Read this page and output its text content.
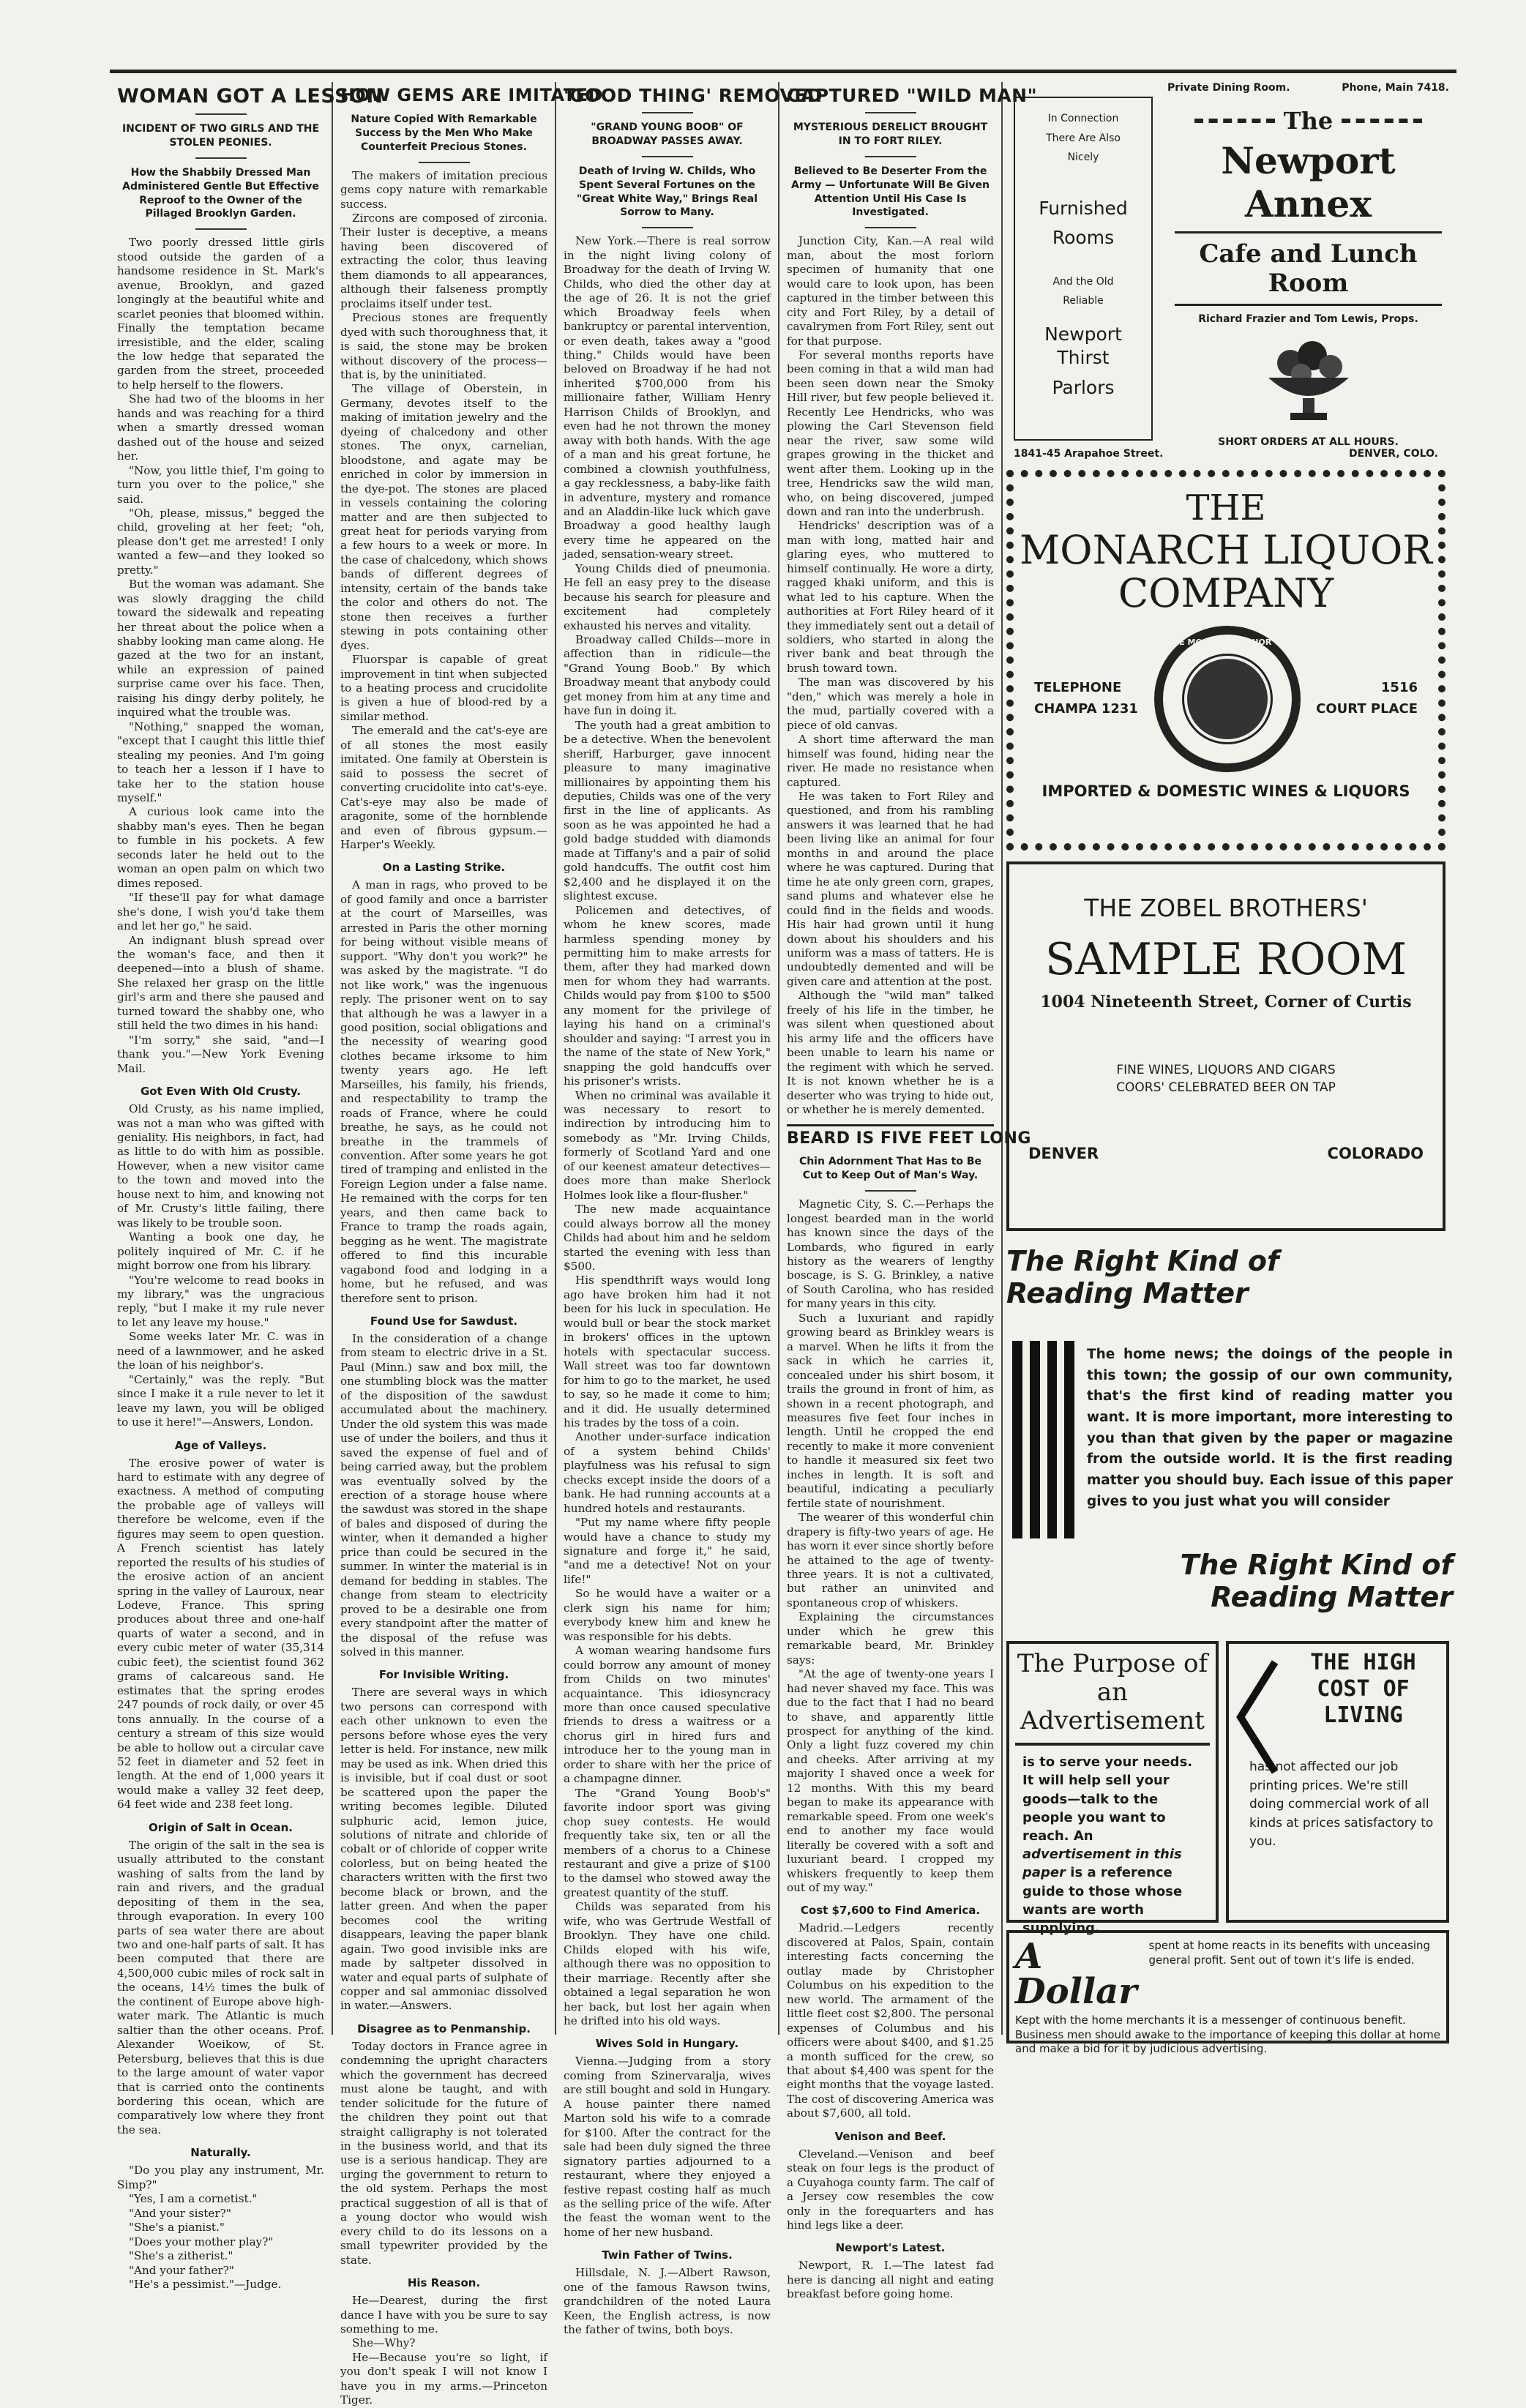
WOMAN GOT A LESSON
INCIDENT OF TWO GIRLS AND THE STOLEN PEONIES.
How the Shabbily Dressed Man Administered Gentle But Effective Reproof to the Owner of the Pillaged Brooklyn Garden.

Two poorly dressed little girls stood outside the garden of a handsome residence in St. Mark's avenue, Brooklyn, and gazed longingly at the beautiful white and scarlet peonies that bloomed within. Finally the temptation became irresistible, and the elder, scaling the low hedge that separated the garden from the street, proceeded to help herself to the flowers.

She had two of the blooms in her hands and was reaching for a third when a smartly dressed woman dashed out of the house and seized her.

"Now, you little thief, I'm going to turn you over to the police," she said.

"Oh, please, missus," begged the child, groveling at her feet; "oh, please don't get me arrested! I only wanted a few—and they looked so pretty."

But the woman was adamant. She was slowly dragging the child toward the sidewalk and repeating her threat about the police when a shabby looking man came along. He gazed at the two for an instant, while an expression of pained surprise came over his face. Then, raising his dingy derby politely, he inquired what the trouble was.

"Nothing," snapped the woman, "except that I caught this little thief stealing my peonies. And I'm going to teach her a lesson if I have to take her to the station house myself."

A curious look came into the shabby man's eyes. Then he began to fumble in his pockets. A few seconds later he held out to the woman an open palm on which two dimes reposed.

"If these'll pay for what damage she's done, I wish you'd take them and let her go," he said.

An indignant blush spread over the woman's face, and then it deepened—into a blush of shame. She relaxed her grasp on the little girl's arm and there she paused and turned toward the shabby one, who still held the two dimes in his hand:

"I'm sorry," she said, "and—I thank you."—New York Evening Mail.

Got Even With Old Crusty.

Old Crusty, as his name implied, was not a man who was gifted with geniality. His neighbors, in fact, had as little to do with him as possible. However, when a new visitor came to the town and moved into the house next to him, and knowing not of Mr. Crusty's little failing, there was likely to be trouble soon.

Wanting a book one day, he politely inquired of Mr. C. if he might borrow one from his library.

"You're welcome to read books in my library," was the ungracious reply, "but I make it my rule never to let any leave my house."

Some weeks later Mr. C. was in need of a lawnmower, and he asked the loan of his neighbor's.

"Certainly," was the reply. "But since I make it a rule never to let it leave my lawn, you will be obliged to use it here!"—Answers, London.

Age of Valleys.

The erosive power of water is hard to estimate with any degree of exactness. A method of computing the probable age of valleys will therefore be welcome, even if the figures may seem to open question. A French scientist has lately reported the results of his studies of the erosive action of an ancient spring in the valley of Lauroux, near Lodeve, France. This spring produces about three and one-half quarts of water a second, and in every cubic meter of water (35,314 cubic feet), the scientist found 362 grams of calcareous sand. He estimates that the spring erodes 247 pounds of rock daily, or over 45 tons annually. In the course of a century a stream of this size would be able to hollow out a circular cave 52 feet in diameter and 52 feet in length. At the end of 1,000 years it would make a valley 32 feet deep, 64 feet wide and 238 feet long.

Origin of Salt in Ocean.

The origin of the salt in the sea is usually attributed to the constant washing of salts from the land by rain and rivers, and the gradual depositing of them in the sea, through evaporation. In every 100 parts of sea water there are about two and one-half parts of salt. It has been computed that there are 4,500,000 cubic miles of rock salt in the oceans, 14½ times the bulk of the continent of Europe above high-water mark. The Atlantic is much saltier than the other oceans. Prof. Alexander Woeikow, of St. Petersburg, believes that this is due to the large amount of water vapor that is carried onto the continents bordering this ocean, which are comparatively low where they front the sea.

Naturally.

"Do you play any instrument, Mr. Simp?"

"Yes, I am a cornetist."

"And your sister?"

"She's a pianist."

"Does your mother play?"

"She's a zitherist."

"And your father?"

"He's a pessimist."—Judge.

HOW GEMS ARE IMITATED
Nature Copied With Remarkable Success by the Men Who Make Counterfeit Precious Stones.

The makers of imitation precious gems copy nature with remarkable success.

Zircons are composed of zirconia. Their luster is deceptive, a means having been discovered of extracting the color, thus leaving them diamonds to all appearances, although their falseness promptly proclaims itself under test.

Precious stones are frequently dyed with such thoroughness that, it is said, the stone may be broken without discovery of the process—that is, by the uninitiated.

The village of Oberstein, in Germany, devotes itself to the making of imitation jewelry and the dyeing of chalcedony and other stones. The onyx, carnelian, bloodstone, and agate may be enriched in color by immersion in the dye-pot. The stones are placed in vessels containing the coloring matter and are then subjected to great heat for periods varying from a few hours to a week or more. In the case of chalcedony, which shows bands of different degrees of intensity, certain of the bands take the color and others do not. The stone then receives a further stewing in pots containing other dyes.

Fluorspar is capable of great improvement in tint when subjected to a heating process and crucidolite is given a hue of blood-red by a similar method.

The emerald and the cat's-eye are of all stones the most easily imitated. One family at Oberstein is said to possess the secret of converting crucidolite into cat's-eye. Cat's-eye may also be made of aragonite, some of the hornblende and even of fibrous gypsum.—Harper's Weekly.

On a Lasting Strike.

A man in rags, who proved to be of good family and once a barrister at the court of Marseilles, was arrested in Paris the other morning for being without visible means of support. "Why don't you work?" he was asked by the magistrate. "I do not like work," was the ingenuous reply. The prisoner went on to say that although he was a lawyer in a good position, social obligations and the necessity of wearing good clothes became irksome to him twenty years ago. He left Marseilles, his family, his friends, and respectability to tramp the roads of France, where he could breathe, he says, as he could not breathe in the trammels of convention. After some years he got tired of tramping and enlisted in the Foreign Legion under a false name. He remained with the corps for ten years, and then came back to France to tramp the roads again, begging as he went. The magistrate offered to find this incurable vagabond food and lodging in a home, but he refused, and was therefore sent to prison.

Found Use for Sawdust.

In the consideration of a change from steam to electric drive in a St. Paul (Minn.) saw and box mill, the one stumbling block was the matter of the disposition of the sawdust accumulated about the machinery. Under the old system this was made use of under the boilers, and thus it saved the expense of fuel and of being carried away, but the problem was eventually solved by the erection of a storage house where the sawdust was stored in the shape of bales and disposed of during the winter, when it demanded a higher price than could be secured in the summer. In winter the material is in demand for bedding in stables. The change from steam to electricity proved to be a desirable one from every standpoint after the matter of the disposal of the refuse was solved in this manner.

For Invisible Writing.

There are several ways in which two persons can correspond with each other unknown to even the persons before whose eyes the very letter is held. For instance, new milk may be used as ink. When dried this is invisible, but if coal dust or soot be scattered upon the paper the writing becomes legible. Diluted sulphuric acid, lemon juice, solutions of nitrate and chloride of cobalt or of chloride of copper write colorless, but on being heated the characters written with the first two become black or brown, and the latter green. And when the paper becomes cool the writing disappears, leaving the paper blank again. Two good invisible inks are made by saltpeter dissolved in water and equal parts of sulphate of copper and sal ammoniac dissolved in water.—Answers.

Disagree as to Penmanship.

Today doctors in France agree in condemning the upright characters which the government has decreed must alone be taught, and with tender solicitude for the future of the children they point out that straight calligraphy is not tolerated in the business world, and that its use is a serious handicap. They are urging the government to return to the old system. Perhaps the most practical suggestion of all is that of a young doctor who would wish every child to do its lessons on a small typewriter provided by the state.

His Reason.

He—Dearest, during the first dance I have with you be sure to say something to me.

She—Why?

He—Because you're so light, if you don't speak I will not know I have you in my arms.—Princeton Tiger.

'GOOD THING' REMOVED
"GRAND YOUNG BOOB" OF BROADWAY PASSES AWAY.
Death of Irving W. Childs, Who Spent Several Fortunes on the "Great White Way," Brings Real Sorrow to Many.

New York.—There is real sorrow in the night living colony of Broadway for the death of Irving W. Childs, who died the other day at the age of 26. It is not the grief which Broadway feels when bankruptcy or parental intervention, or even death, takes away a "good thing." Childs would have been beloved on Broadway if he had not inherited $700,000 from his millionaire father, William Henry Harrison Childs of Brooklyn, and even had he not thrown the money away with both hands. With the age of a man and his great fortune, he combined a clownish youthfulness, a gay recklessness, a baby-like faith in adventure, mystery and romance and an Aladdin-like luck which gave Broadway a good healthy laugh every time he appeared on the jaded, sensation-weary street.

Young Childs died of pneumonia. He fell an easy prey to the disease because his search for pleasure and excitement had completely exhausted his nerves and vitality.

Broadway called Childs—more in affection than in ridicule—the "Grand Young Boob." By which Broadway meant that anybody could get money from him at any time and have fun in doing it.

The youth had a great ambition to be a detective. When the benevolent sheriff, Harburger, gave innocent pleasure to many imaginative millionaires by appointing them his deputies, Childs was one of the very first in the line of applicants. As soon as he was appointed he had a gold badge studded with diamonds made at Tiffany's and a pair of solid gold handcuffs. The outfit cost him $2,400 and he displayed it on the slightest excuse.

Policemen and detectives, of whom he knew scores, made harmless spending money by permitting him to make arrests for them, after they had marked down men for whom they had warrants. Childs would pay from $100 to $500 any moment for the privilege of laying his hand on a criminal's shoulder and saying: "I arrest you in the name of the state of New York," snapping the gold handcuffs over his prisoner's wrists.

When no criminal was available it was necessary to resort to indirection by introducing him to somebody as "Mr. Irving Childs, formerly of Scotland Yard and one of our keenest amateur detectives—does more than make Sherlock Holmes look like a flour-flusher."

The new made acquaintance could always borrow all the money Childs had about him and he seldom started the evening with less than $500.

His spendthrift ways would long ago have broken him had it not been for his luck in speculation. He would bull or bear the stock market in brokers' offices in the uptown hotels with spectacular success. Wall street was too far downtown for him to go to the market, he used to say, so he made it come to him; and it did. He usually determined his trades by the toss of a coin.

Another under-surface indication of a system behind Childs' playfulness was his refusal to sign checks except inside the doors of a bank. He had running accounts at a hundred hotels and restaurants.

"Put my name where fifty people would have a chance to study my signature and forge it," he said, "and me a detective! Not on your life!"

So he would have a waiter or a clerk sign his name for him; everybody knew him and knew he was responsible for his debts.

A woman wearing handsome furs could borrow any amount of money from Childs on two minutes' acquaintance. This idiosyncracy more than once caused speculative friends to dress a waitress or a chorus girl in hired furs and introduce her to the young man in order to share with her the price of a champagne dinner.

The "Grand Young Boob's" favorite indoor sport was giving chop suey contests. He would frequently take six, ten or all the members of a chorus to a Chinese restaurant and give a prize of $100 to the damsel who stowed away the greatest quantity of the stuff.

Childs was separated from his wife, who was Gertrude Westfall of Brooklyn. They have one child. Childs eloped with his wife, although there was no opposition to their marriage. Recently after she obtained a legal separation he won her back, but lost her again when he drifted into his old ways.

Wives Sold in Hungary.

Vienna.—Judging from a story coming from Szinervaralja, wives are still bought and sold in Hungary. A house painter there named Marton sold his wife to a comrade for $100. After the contract for the sale had been duly signed the three signatory parties adjourned to a restaurant, where they enjoyed a festive repast costing half as much as the selling price of the wife. After the feast the woman went to the home of her new husband.

Twin Father of Twins.

Hillsdale, N. J.—Albert Rawson, one of the famous Rawson twins, grandchildren of the noted Laura Keen, the English actress, is now the father of twins, both boys.

CAPTURED "WILD MAN"
MYSTERIOUS DERELICT BROUGHT IN TO FORT RILEY.
Believed to Be Deserter From the Army — Unfortunate Will Be Given Attention Until His Case Is Investigated.

Junction City, Kan.—A real wild man, about the most forlorn specimen of humanity that one would care to look upon, has been captured in the timber between this city and Fort Riley, by a detail of cavalrymen from Fort Riley, sent out for that purpose.

For several months reports have been coming in that a wild man had been seen down near the Smoky Hill river, but few people believed it. Recently Lee Hendricks, who was plowing the Carl Stevenson field near the river, saw some wild grapes growing in the thicket and went after them. Looking up in the tree, Hendricks saw the wild man, who, on being discovered, jumped down and ran into the underbrush.

Hendricks' description was of a man with long, matted hair and glaring eyes, who muttered to himself continually. He wore a dirty, ragged khaki uniform, and this is what led to his capture. When the authorities at Fort Riley heard of it they immediately sent out a detail of soldiers, who started in along the river bank and beat through the brush toward town.

The man was discovered by his "den," which was merely a hole in the mud, partially covered with a piece of old canvas.

A short time afterward the man himself was found, hiding near the river. He made no resistance when captured.

He was taken to Fort Riley and questioned, and from his rambling answers it was learned that he had been living like an animal for four months in and around the place where he was captured. During that time he ate only green corn, grapes, sand plums and whatever else he could find in the fields and woods. His hair had grown until it hung down about his shoulders and his uniform was a mass of tatters. He is undoubtedly demented and will be given care and attention at the post.

Although the "wild man" talked freely of his life in the timber, he was silent when questioned about his army life and the officers have been unable to learn his name or the regiment with which he served. It is not known whether he is a deserter who was trying to hide out, or whether he is merely demented.

BEARD IS FIVE FEET LONG
Chin Adornment That Has to Be Cut to Keep Out of Man's Way.

Magnetic City, S. C.—Perhaps the longest bearded man in the world has known since the days of the Lombards, who figured in early history as the wearers of lengthy boscage, is S. G. Brinkley, a native of South Carolina, who has resided for many years in this city.

Such a luxuriant and rapidly growing beard as Brinkley wears is a marvel. When he lifts it from the sack in which he carries it, concealed under his shirt bosom, it trails the ground in front of him, as shown in a recent photograph, and measures five feet four inches in length. Until he cropped the end recently to make it more convenient to handle it measured six feet two inches in length. It is soft and beautiful, indicating a peculiarly fertile state of nourishment.

The wearer of this wonderful chin drapery is fifty-two years of age. He has worn it ever since shortly before he attained to the age of twenty-three years. It is not a cultivated, but rather an uninvited and spontaneous crop of whiskers.

Explaining the circumstances under which he grew this remarkable beard, Mr. Brinkley says:

"At the age of twenty-one years I had never shaved my face. This was due to the fact that I had no beard to shave, and apparently little prospect for anything of the kind. Only a light fuzz covered my chin and cheeks. After arriving at my majority I shaved once a week for 12 months. With this my beard began to make its appearance with remarkable speed. From one week's end to another my face would literally be covered with a soft and luxuriant beard. I cropped my whiskers frequently to keep them out of my way."

Cost $7,600 to Find America.

Madrid.—Ledgers recently discovered at Palos, Spain, contain interesting facts concerning the outlay made by Christopher Columbus on his expedition to the new world. The armament of the little fleet cost $2,800. The personal expenses of Columbus and his officers were about $400, and $1.25 a month sufficed for the crew, so that about $4,400 was spent for the eight months that the voyage lasted. The cost of discovering America was about $7,600, all told.

Venison and Beef.

Cleveland.—Venison and beef steak on four legs is the product of a Cuyahoga county farm. The calf of a Jersey cow resembles the cow only in the forequarters and has hind legs like a deer.

Newport's Latest.

Newport, R. I.—The latest fad here is dancing all night and eating breakfast before going home.

In Connection
There Are Also
Nicely
Furnished
Rooms
And the Old
Reliable
Newport Thirst
Parlors
Private Dining Room.	Phone, Main 7418.
The
Newport Annex
Cafe and Lunch Room
Richard Frazier and Tom Lewis, Props.
SHORT ORDERS AT ALL HOURS.
1841-45 Arapahoe Street.	DENVER, COLO.
THE
MONARCH LIQUOR
COMPANY
TELEPHONE
CHAMPA 1231
THE MONARCH LIQUOR CO
1516
COURT PLACE
IMPORTED & DOMESTIC WINES & LIQUORS
THE ZOBEL BROTHERS'
SAMPLE ROOM
1004 Nineteenth Street, Corner of Curtis
FINE WINES, LIQUORS AND CIGARS
COORS' CELEBRATED BEER ON TAP
DENVER	COLORADO
The Right Kind of
Reading Matter
The home news; the doings of the people in this town; the gossip of our own community, that's the first kind of reading matter you want. It is more important, more interesting to you than that given by the paper or magazine from the outside world. It is the first reading matter you should buy. Each issue of this paper gives to you just what you will consider
The Right Kind of
Reading Matter
The Purpose of an
Advertisement
is to serve your needs. It will help sell your goods—talk to the people you want to reach. An advertisement in this paper is a reference guide to those whose wants are worth supplying.
THE HIGH
COST OF
LIVING
has not affected our job printing prices. We're still doing commercial work of all kinds at prices satisfactory to you.
A Dollar
spent at home reacts in its benefits with unceasing general profit. Sent out of town it's life is ended.
Kept with the home merchants it is a messenger of continuous benefit. Business men should awake to the importance of keeping this dollar at home and make a bid for it by judicious advertising.
